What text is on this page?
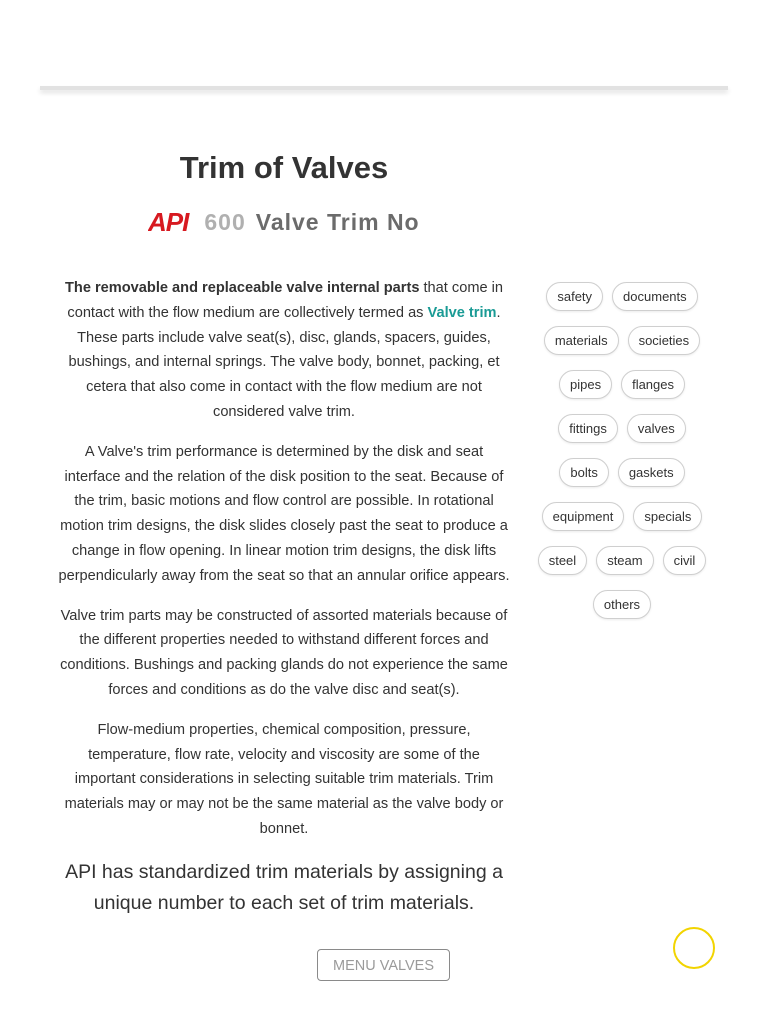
Trim of Valves
API 600 Valve Trim No

The removable and replaceable valve internal parts that come in contact with the flow medium are collectively termed as Valve trim. These parts include valve seat(s), disc, glands, spacers, guides, bushings, and internal springs. The valve body, bonnet, packing, et cetera that also come in contact with the flow medium are not considered valve trim.

A Valve's trim performance is determined by the disk and seat interface and the relation of the disk position to the seat. Because of the trim, basic motions and flow control are possible. In rotational motion trim designs, the disk slides closely past the seat to produce a change in flow opening. In linear motion trim designs, the disk lifts perpendicularly away from the seat so that an annular orifice appears.

Valve trim parts may be constructed of assorted materials because of the different properties needed to withstand different forces and conditions. Bushings and packing glands do not experience the same forces and conditions as do the valve disc and seat(s).

Flow-medium properties, chemical composition, pressure, temperature, flow rate, velocity and viscosity are some of the important considerations in selecting suitable trim materials. Trim materials may or may not be the same material as the valve body or bonnet.

API has standardized trim materials by assigning a unique number to each set of trim materials.
safety	documents
materials	societies
pipes	flanges
fittings	valves
bolts	gaskets
equipment	specials
steel	steam	civil
others
MENU VALVES
